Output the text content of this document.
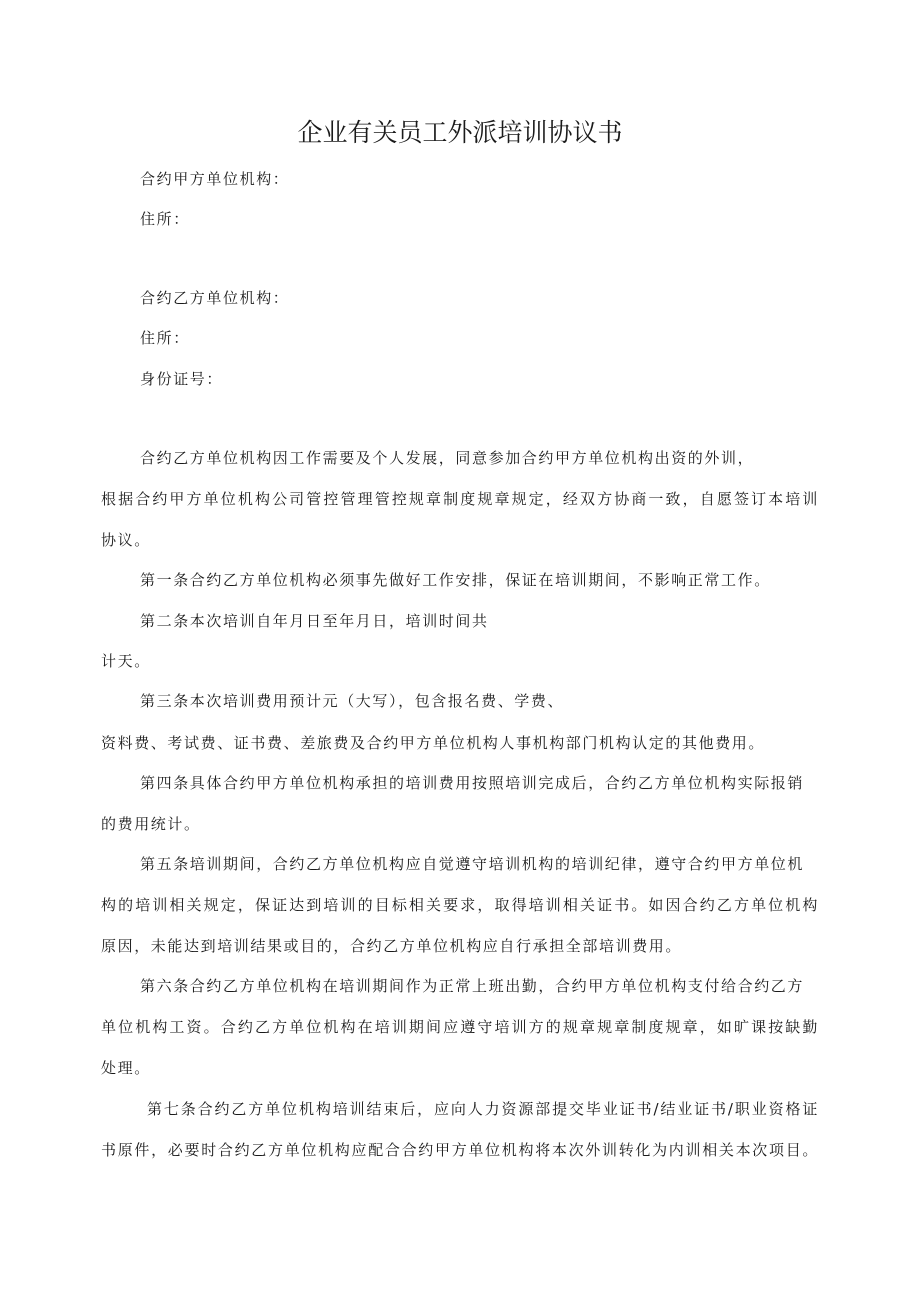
企业有关员工外派培训协议书
合约甲方单位机构：
住所：
合约乙方单位机构：
住所：
身份证号：
合约乙方单位机构因工作需要及个人发展，同意参加合约甲方单位机构出资的外训，
根据合约甲方单位机构公司管控管理管控规章制度规章规定，经双方协商一致，自愿签订本培训
协议。
第一条合约乙方单位机构必须事先做好工作安排，保证在培训期间，不影响正常工作。
第二条本次培训自年月日至年月日，培训时间共
计天。
第三条本次培训费用预计元（大写），包含报名费、学费、
资料费、考试费、证书费、差旅费及合约甲方单位机构人事机构部门机构认定的其他费用。
第四条具体合约甲方单位机构承担的培训费用按照培训完成后，合约乙方单位机构实际报销
的费用统计。
第五条培训期间，合约乙方单位机构应自觉遵守培训机构的培训纪律，遵守合约甲方单位机
构的培训相关规定，保证达到培训的目标相关要求，取得培训相关证书。如因合约乙方单位机构
原因，未能达到培训结果或目的，合约乙方单位机构应自行承担全部培训费用。
第六条合约乙方单位机构在培训期间作为正常上班出勤，合约甲方单位机构支付给合约乙方
单位机构工资。合约乙方单位机构在培训期间应遵守培训方的规章规章制度规章，如旷课按缺勤
处理。
第七条合约乙方单位机构培训结束后，应向人力资源部提交毕业证书/结业证书/职业资格证
书原件，必要时合约乙方单位机构应配合合约甲方单位机构将本次外训转化为内训相关本次项目。
